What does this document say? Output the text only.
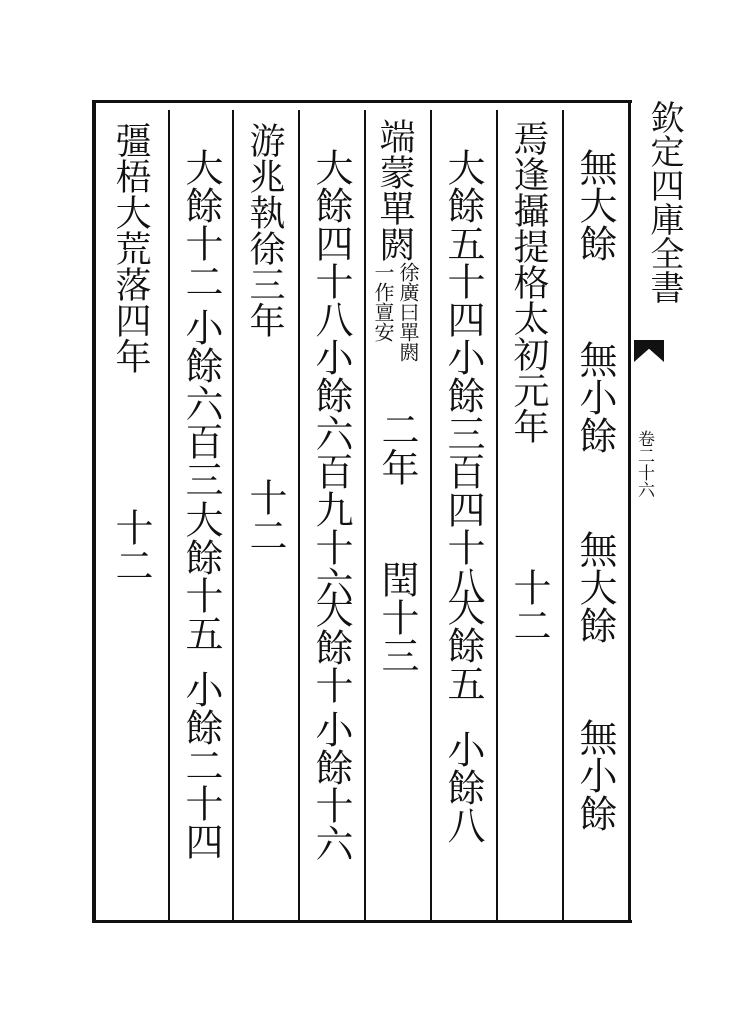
欽定四庫全書
卷二十六
無大餘
無小餘
無大餘
無小餘
焉逢攝提格太初元年
十二
大餘五十四
小餘三百四十八
大餘五
小餘八
端蒙單閼
徐廣曰單閼
一作亶安
二年
閏十三
大餘四十八
小餘六百九十六
大餘十
小餘十六
游兆執徐三年
十二
大餘十二
小餘六百三
大餘十五
小餘二十四
彊梧大荒落四年
十二
